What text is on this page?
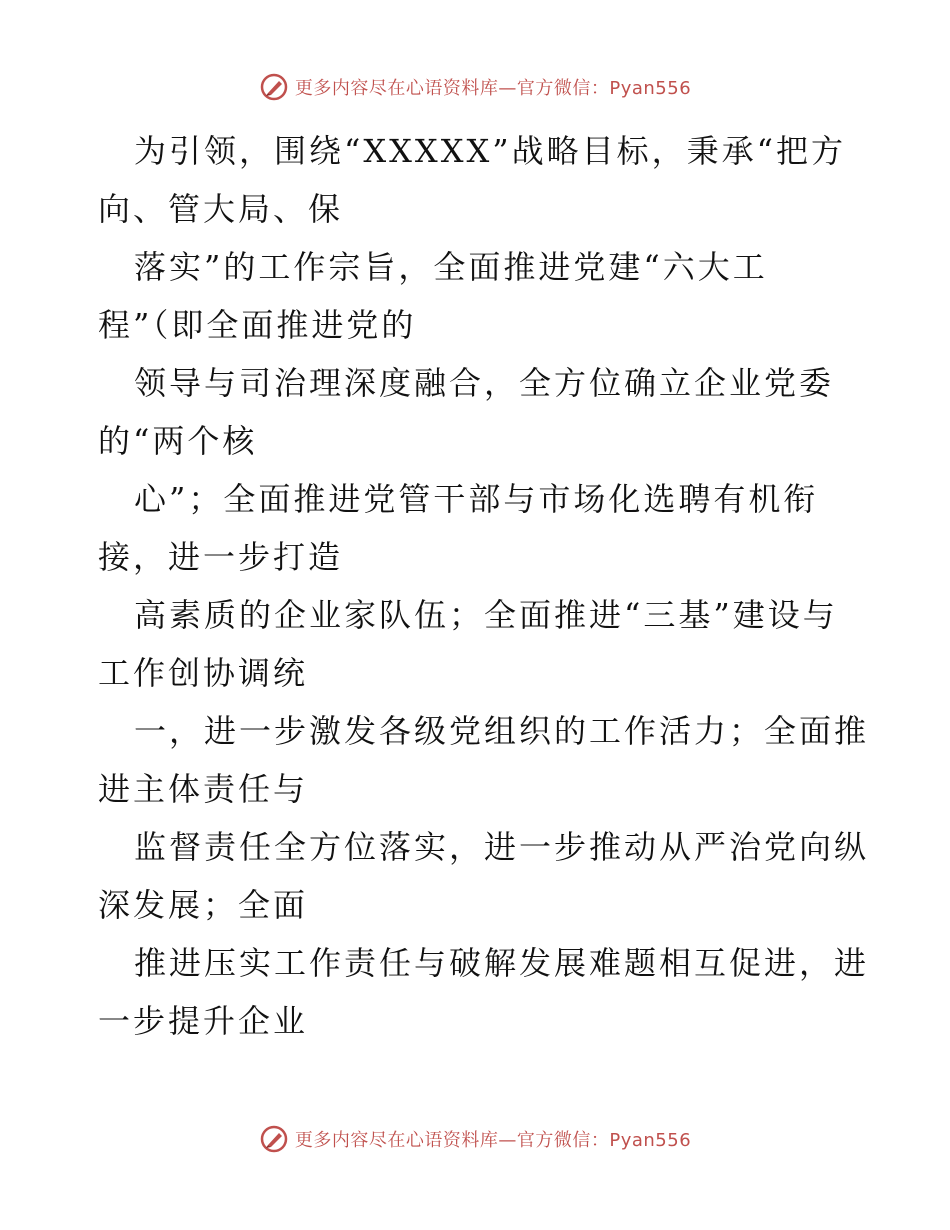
更多内容尽在心语资料库—官方微信：Pyan556
为引领，围绕“XXXXX”战略目标，秉承“把方
向、管大局、保
落实”的工作宗旨，全面推进党建“六大工
程”（即全面推进党的
领导与司治理深度融合，全方位确立企业党委
的“两个核
心”；全面推进党管干部与市场化选聘有机衔
接，进一步打造
高素质的企业家队伍；全面推进“三基”建设与
工作创协调统
一，进一步激发各级党组织的工作活力；全面推
进主体责任与
监督责任全方位落实，进一步推动从严治党向纵
深发展；全面
推进压实工作责任与破解发展难题相互促进，进
一步提升企业
更多内容尽在心语资料库—官方微信：Pyan556
